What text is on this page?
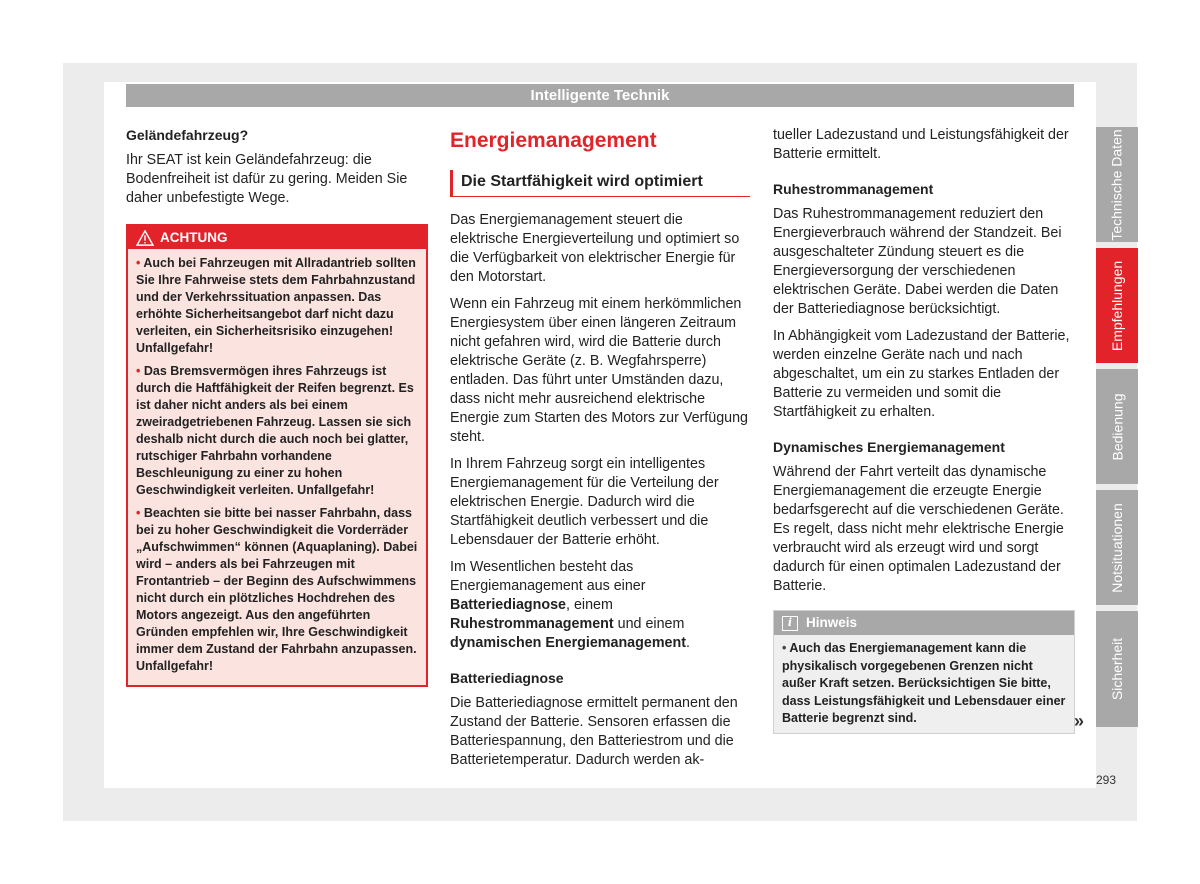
Intelligente Technik
Geländefahrzeug?

Ihr SEAT ist kein Geländefahrzeug: die Bodenfreiheit ist dafür zu gering. Meiden Sie daher unbefestigte Wege.

ACHTUNG
• Auch bei Fahrzeugen mit Allradantrieb sollten Sie Ihre Fahrweise stets dem Fahrbahnzustand und der Verkehrssituation anpassen. Das erhöhte Sicherheitsangebot darf nicht dazu verleiten, ein Sicherheitsrisiko einzugehen! Unfallgefahr!
• Das Bremsvermögen ihres Fahrzeugs ist durch die Haftfähigkeit der Reifen begrenzt. Es ist daher nicht anders als bei einem zweiradgetriebenen Fahrzeug. Lassen sie sich deshalb nicht durch die auch noch bei glatter, rutschiger Fahrbahn vorhandene Beschleunigung zu einer zu hohen Geschwindigkeit verleiten. Unfallgefahr!
• Beachten sie bitte bei nasser Fahrbahn, dass bei zu hoher Geschwindigkeit die Vorderräder „Aufschwimmen“ können (Aquaplaning). Dabei wird – anders als bei Fahrzeugen mit Frontantrieb – der Beginn des Aufschwimmens nicht durch ein plötzliches Hochdrehen des Motors angezeigt. Aus den angeführten Gründen empfehlen wir, Ihre Geschwindigkeit immer dem Zustand der Fahrbahn anzupassen. Unfallgefahr!
Energiemanagement
Die Startfähigkeit wird optimiert

Das Energiemanagement steuert die elektrische Energieverteilung und optimiert so die Verfügbarkeit von elektrischer Energie für den Motorstart.

Wenn ein Fahrzeug mit einem herkömmlichen Energiesystem über einen längeren Zeitraum nicht gefahren wird, wird die Batterie durch elektrische Geräte (z. B. Wegfahrsperre) entladen. Das führt unter Umständen dazu, dass nicht mehr ausreichend elektrische Energie zum Starten des Motors zur Verfügung steht.

In Ihrem Fahrzeug sorgt ein intelligentes Energiemanagement für die Verteilung der elektrischen Energie. Dadurch wird die Startfähigkeit deutlich verbessert und die Lebensdauer der Batterie erhöht.

Im Wesentlichen besteht das Energiemanagement aus einer Batteriediagnose, einem Ruhestrommanagement und einem dynamischen Energiemanagement.

Batteriediagnose

Die Batteriediagnose ermittelt permanent den Zustand der Batterie. Sensoren erfassen die Batteriespannung, den Batteriestrom und die Batterietemperatur. Dadurch werden ak-

tueller Ladezustand und Leistungsfähigkeit der Batterie ermittelt.

Ruhestrommanagement

Das Ruhestrommanagement reduziert den Energieverbrauch während der Standzeit. Bei ausgeschalteter Zündung steuert es die Energieversorgung der verschiedenen elektrischen Geräte. Dabei werden die Daten der Batteriediagnose berücksichtigt.

In Abhängigkeit vom Ladezustand der Batterie, werden einzelne Geräte nach und nach abgeschaltet, um ein zu starkes Entladen der Batterie zu vermeiden und somit die Startfähigkeit zu erhalten.

Dynamisches Energiemanagement

Während der Fahrt verteilt das dynamische Energiemanagement die erzeugte Energie bedarfsgerecht auf die verschiedenen Geräte. Es regelt, dass nicht mehr elektrische Energie verbraucht wird als erzeugt wird und sorgt dadurch für einen optimalen Ladezustand der Batterie.

i	Hinweis
• Auch das Energiemanagement kann die physikalisch vorgegebenen Grenzen nicht außer Kraft setzen. Berücksichtigen Sie bitte, dass Leistungsfähigkeit und Lebensdauer einer Batterie begrenzt sind.	»
Technische Daten
Empfehlungen
Bedienung
Notsituationen
Sicherheit
293
